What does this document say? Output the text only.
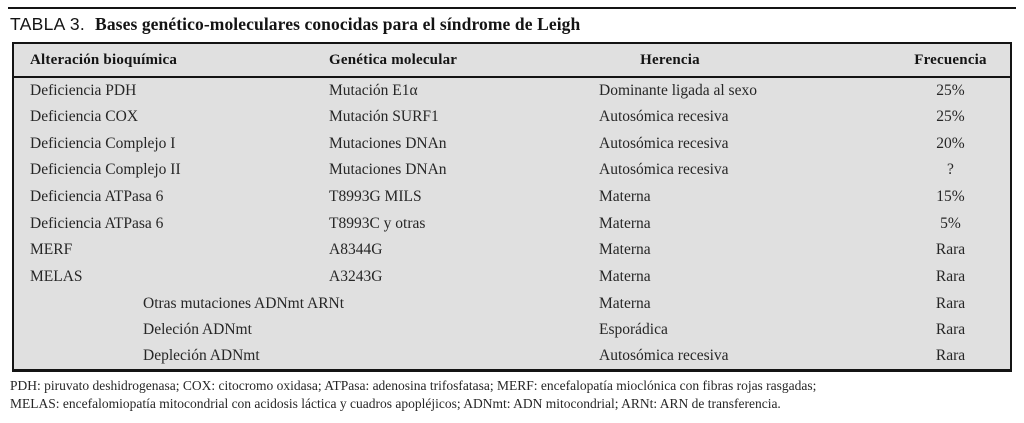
TABLA 3. Bases genético-moleculares conocidas para el síndrome de Leigh
Alteración bioquímica	Genética molecular	Herencia	Frecuencia
Deficiencia PDH	Mutación E1α	Dominante ligada al sexo	25%
Deficiencia COX	Mutación SURF1	Autosómica recesiva	25%
Deficiencia Complejo I	Mutaciones DNAn	Autosómica recesiva	20%
Deficiencia Complejo II	Mutaciones DNAn	Autosómica recesiva	?
Deficiencia ATPasa 6	T8993G MILS	Materna	15%
Deficiencia ATPasa 6	T8993C y otras	Materna	5%
MERF	A8344G	Materna	Rara
MELAS	A3243G	Materna	Rara
Otras mutaciones ADNmt ARNt		Materna	Rara
Deleción ADNmt		Esporádica	Rara
Depleción ADNmt		Autosómica recesiva	Rara
PDH: piruvato deshidrogenasa; COX: citocromo oxidasa; ATPasa: adenosina trifosfatasa; MERF: encefalopatía mioclónica con fibras rojas rasgadas;
MELAS: encefalomiopatía mitocondrial con acidosis láctica y cuadros apopléjicos; ADNmt: ADN mitocondrial; ARNt: ARN de transferencia.
